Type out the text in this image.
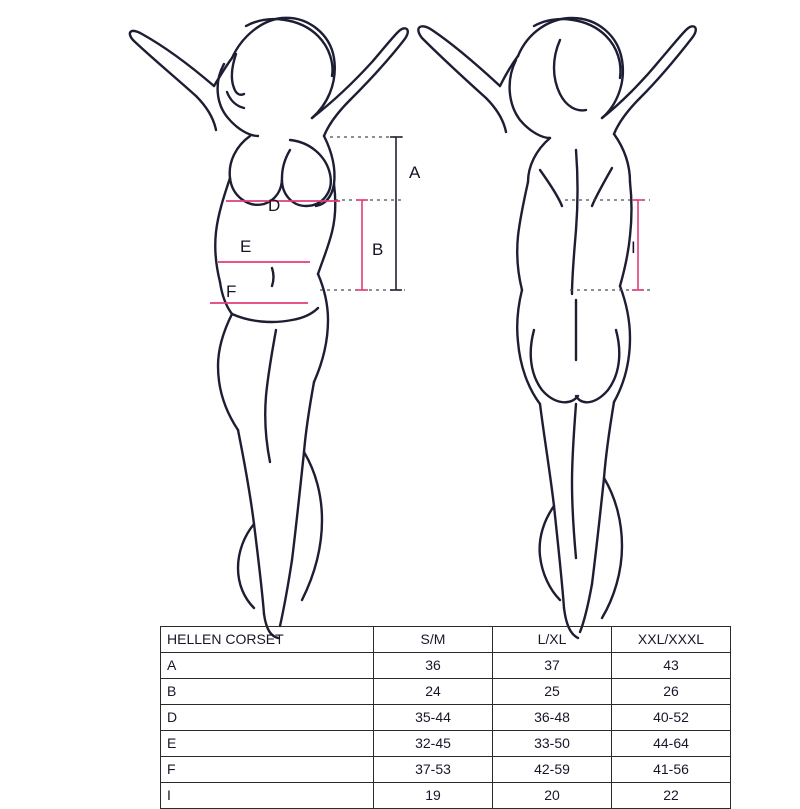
A
D
B
E
F
I
HELLEN CORSET	S/M	L/XL	XXL/XXXL
A	36	37	43
B	24	25	26
D	35-44	36-48	40-52
E	32-45	33-50	44-64
F	37-53	42-59	41-56
I	19	20	22
